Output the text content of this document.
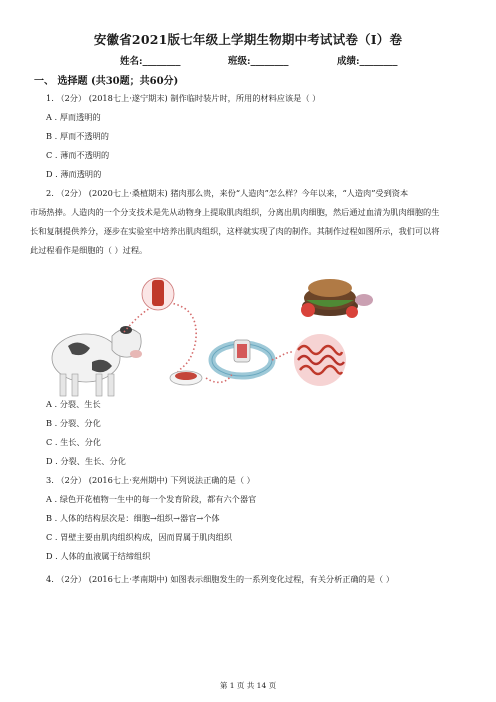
安徽省2021版七年级上学期生物期中考试试卷（I）卷
姓名:________	班级:________	成绩:________
一、 选择题 (共30题；共60分)
1. （2分） (2018七上·遂宁期末) 制作临时装片时，所用的材料应该是（ ）
A . 厚而透明的
B . 厚而不透明的
C . 薄而不透明的
D . 薄而透明的
2. （2分） (2020七上·桑植期末) 猪肉那么贵，来份“人造肉”怎么样？今年以来，“人造肉”受到资本
市场热捧。人造肉的一个分支技术是先从动物身上提取肌肉组织，分离出肌肉细胞，然后通过血清为肌肉细胞的生
长和复制提供养分，逐步在实验室中培养出肌肉组织，这样就实现了肉的制作。其制作过程如图所示，我们可以将
此过程看作是细胞的（ ）过程。
A . 分裂、生长
B . 分裂、分化
C . 生长、分化
D . 分裂、生长、分化
3. （2分） (2016七上·兖州期中) 下列说法正确的是（ ）
A . 绿色开花植物一生中的每一个发育阶段，都有六个器官
B . 人体的结构层次是：细胞→组织→器官→个体
C . 胃壁主要由肌肉组织构成，因而胃属于肌肉组织
D . 人体的血液属于结缔组织
4. （2分） (2016七上·孝南期中) 如图表示细胞发生的一系列变化过程，有关分析正确的是（ ）
第 1 页 共 14 页
